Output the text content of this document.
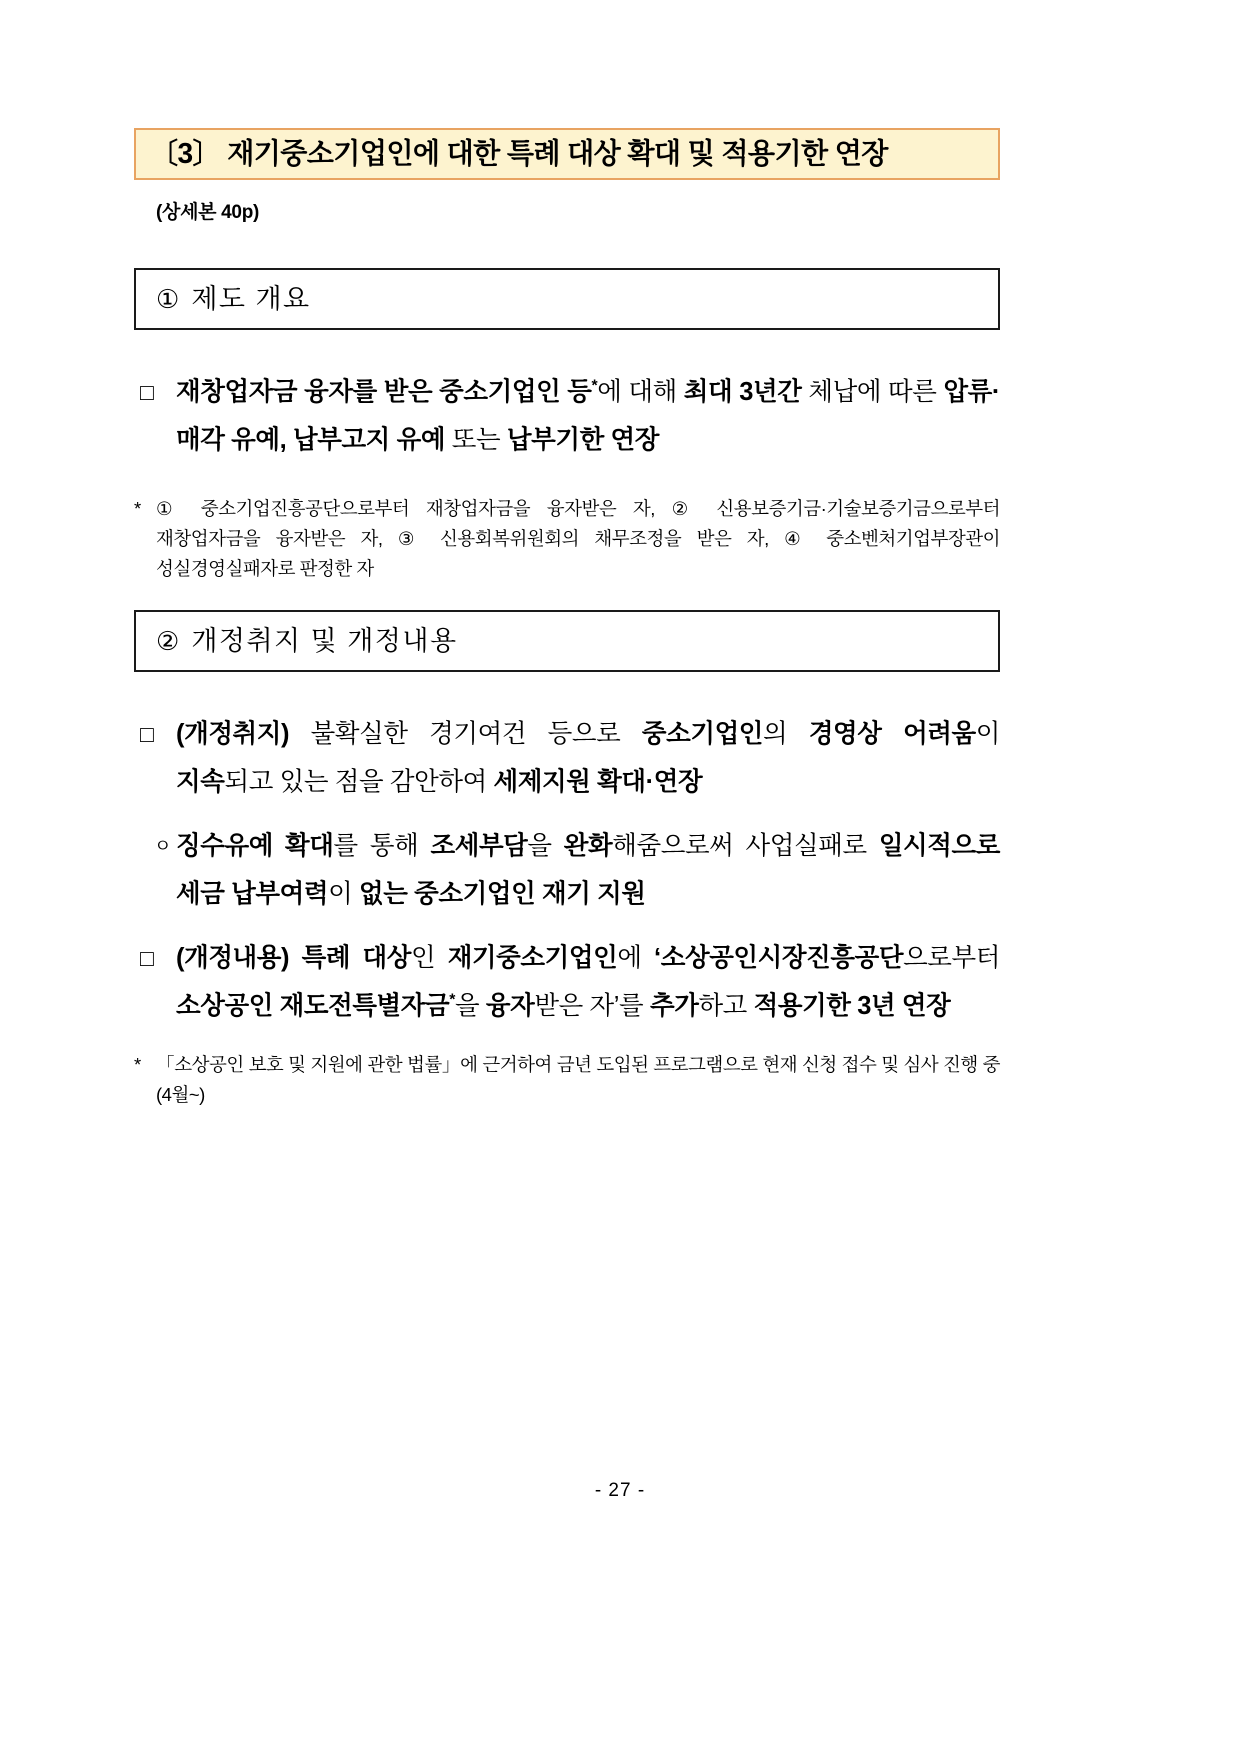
〔3〕 재기중소기업인에 대한 특례 대상 확대 및 적용기한 연장
(상세본 40p)
① 제도 개요
□ 재창업자금 융자를 받은 중소기업인 등*에 대해 최대 3년간 체납에 따른 압류·매각 유예, 납부고지 유예 또는 납부기한 연장
* ① 중소기업진흥공단으로부터 재창업자금을 융자받은 자, ② 신용보증기금·기술보증기금으로부터 재창업자금을 융자받은 자, ③ 신용회복위원회의 채무조정을 받은 자, ④ 중소벤처기업부장관이 성실경영실패자로 판정한 자
② 개정취지 및 개정내용
□ (개정취지) 불확실한 경기여건 등으로 중소기업인의 경영상 어려움이 지속되고 있는 점을 감안하여 세제지원 확대·연장
ㅇ 징수유예 확대를 통해 조세부담을 완화해줌으로써 사업실패로 일시적으로 세금 납부여력이 없는 중소기업인 재기 지원
□ (개정내용) 특례 대상인 재기중소기업인에 ‘소상공인시장진흥공단으로부터 소상공인 재도전특별자금*을 융자받은 자’를 추가하고 적용기한 3년 연장
* 「소상공인 보호 및 지원에 관한 법률」에 근거하여 금년 도입된 프로그램으로 현재 신청 접수 및 심사 진행 중(4월~)
- 27 -
